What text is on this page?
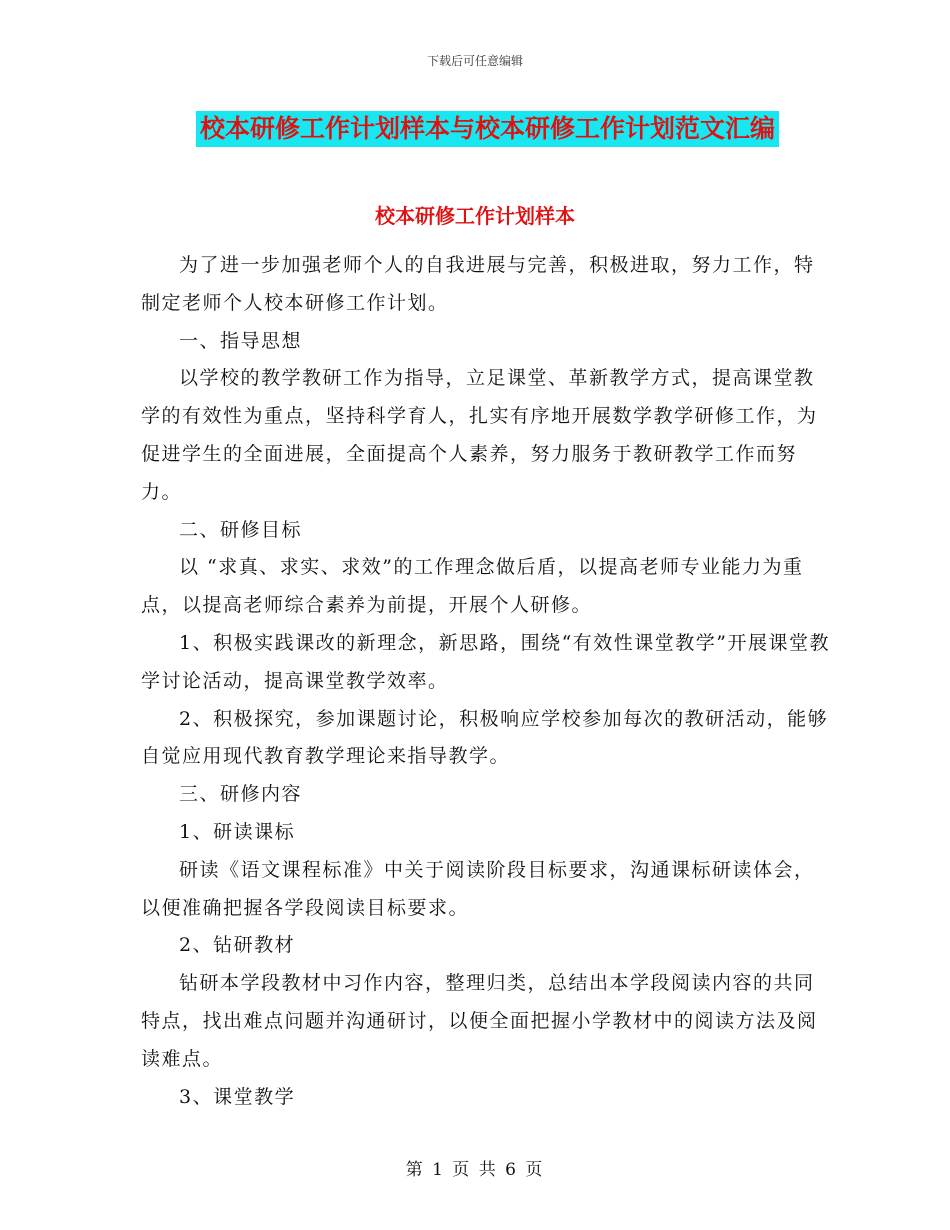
下载后可任意编辑
校本研修工作计划样本与校本研修工作计划范文汇编
校本研修工作计划样本

为了进一步加强老师个人的自我进展与完善，积极进取，努力工作，特制定老师个人校本研修工作计划。

一、指导思想

以学校的教学教研工作为指导，立足课堂、革新教学方式，提高课堂教学的有效性为重点，坚持科学育人，扎实有序地开展数学教学研修工作，为促进学生的全面进展，全面提高个人素养，努力服务于教研教学工作而努力。

二、研修目标

以 “求真、求实、求效”的工作理念做后盾，以提高老师专业能力为重点，以提高老师综合素养为前提，开展个人研修。

1、积极实践课改的新理念，新思路，围绕“有效性课堂教学”开展课堂教学讨论活动，提高课堂教学效率。

2、积极探究，参加课题讨论，积极响应学校参加每次的教研活动，能够自觉应用现代教育教学理论来指导教学。

三、研修内容

1、研读课标

研读《语文课程标准》中关于阅读阶段目标要求，沟通课标研读体会，以便准确把握各学段阅读目标要求。

2、钻研教材

钻研本学段教材中习作内容，整理归类，总结出本学段阅读内容的共同特点，找出难点问题并沟通研讨，以便全面把握小学教材中的阅读方法及阅读难点。

3、课堂教学

第 1 页 共 6 页
